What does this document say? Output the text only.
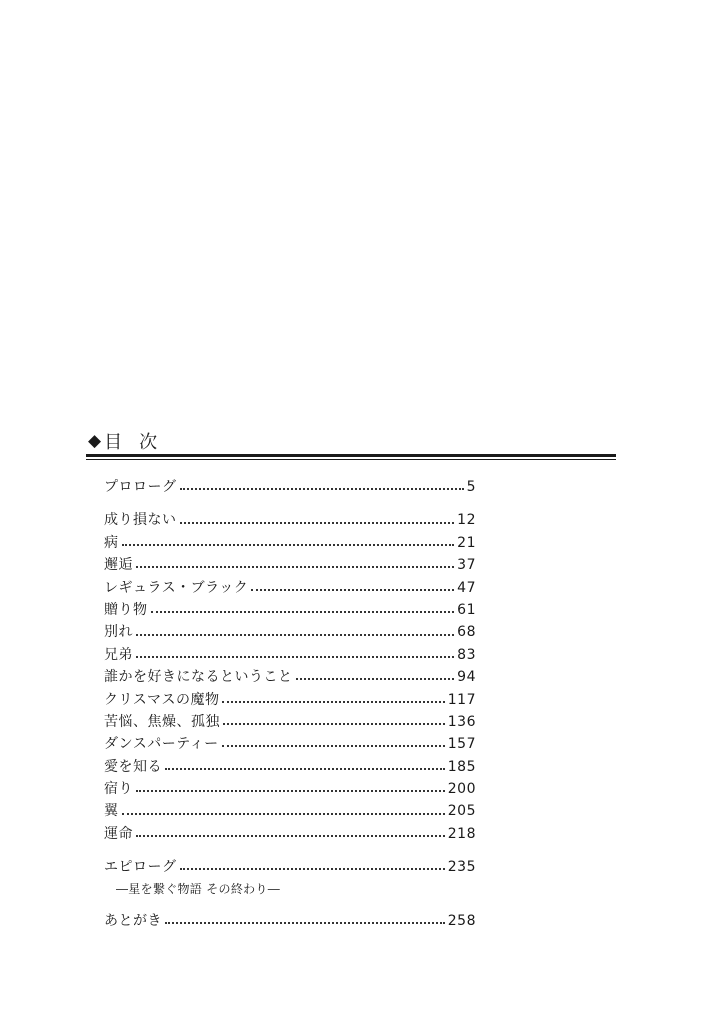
◆ 目 次
プロローグ	5
成り損ない	12
病	21
邂逅	37
レギュラス・ブラック	47
贈り物	61
別れ	68
兄弟	83
誰かを好きになるということ	94
クリスマスの魔物	117
苦悩、焦燥、孤独	136
ダンスパーティー	157
愛を知る	185
宿り	200
翼	205
運命	218
エピローグ	235
―星を繋ぐ物語 その終わり―
あとがき	258
